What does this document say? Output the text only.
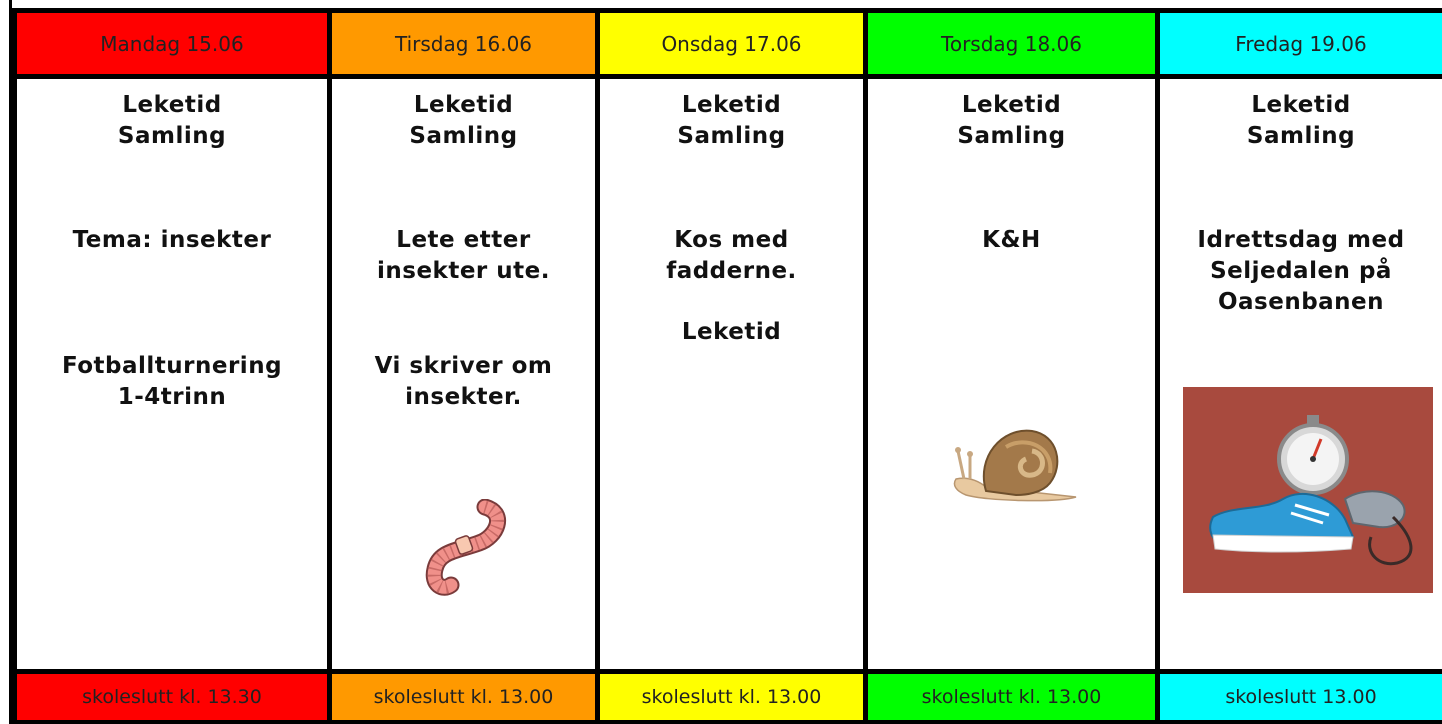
Mandag 15.06
Leketid
Samling
Tema: insekter
Fotballturnering
1-4trinn
skoleslutt kl. 13.30
Tirsdag 16.06
Leketid
Samling
Lete etter
insekter ute.
Vi skriver om
insekter.
skoleslutt kl. 13.00
Onsdag 17.06
Leketid
Samling
Kos med
fadderne.
Leketid
skoleslutt kl. 13.00
Torsdag 18.06
Leketid
Samling
K&H
skoleslutt kl. 13.00
Fredag 19.06
Leketid
Samling
Idrettsdag med
Seljedalen på
Oasenbanen
skoleslutt 13.00
